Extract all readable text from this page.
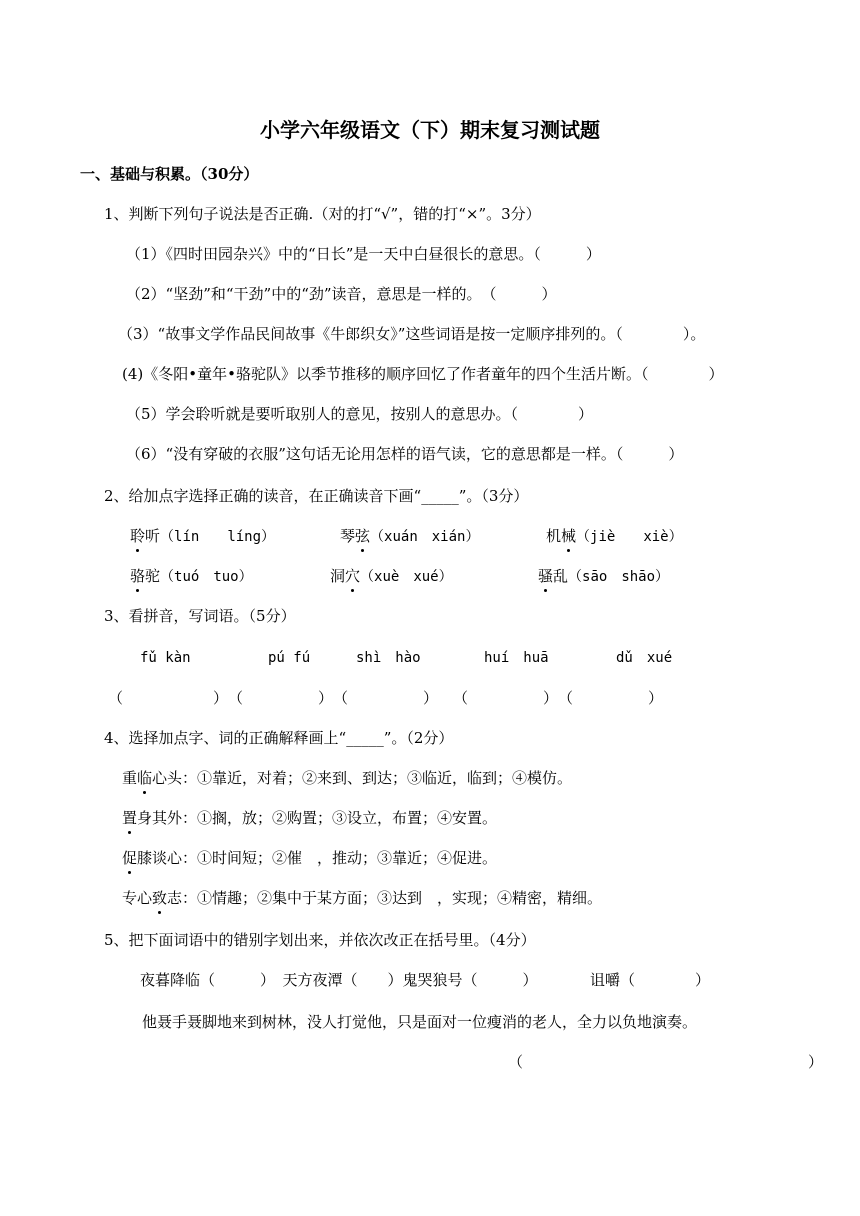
小学六年级语文（下）期末复习测试题
一、基础与积累。（30分）
1、判断下列句子说法是否正确.（对的打“√”，错的打“×”。3分）
（1）《四时田园杂兴》中的“日长”是一天中白昼很长的意思。（　　　）
（2）“坚劲”和“干劲”中的“劲”读音，意思是一样的。　（　　　）
（3）“故事文学作品民间故事《牛郎织女》”这些词语是按一定顺序排列的。（　　　　）。
(4)《冬阳•童年•骆驼队》以季节推移的顺序回忆了作者童年的四个生活片断。（　　　　）
（5）学会聆听就是要听取别人的意见，按别人的意思办。（　　　　）
（6）“没有穿破的衣服”这句话无论用怎样的语气读，它的意思都是一样。（　　　）
2、给加点字选择正确的读音，在正确读音下画“_____”。（3分）
聆听（lín　　líng）	琴弦（xuán　xián）	机械（jiè　　xiè）
骆驼（tuó　tuo）	洞穴（xuè　xué）	骚乱（sāo　shāo）
3、看拼音，写词语。（5分）
fǔ kàn	pú fú	shì　hào	huí　huā	dǔ　xué
（　　　　　　）　（　　　　　）　（　　　　　）　　（　　　　　）　（　　　　　）
4、选择加点字、词的正确解释画上“_____”。（2分）
重临心头：①靠近，对着；②来到、到达；③临近，临到；④模仿。
置身其外：①搁，放；②购置；③设立，布置；④安置。
促膝谈心：①时间短；②催　，推动；③靠近；④促进。
专心致志：①情趣；②集中于某方面；③达到　，实现；④精密，精细。
5、把下面词语中的错别字划出来，并依次改正在括号里。（4分）
夜暮降临（　　　）　天方夜潭（　　）鬼哭狼号（　　　）　　　　诅嚼（　　　　）
他聂手聂脚地来到树林，没人打觉他，只是面对一位瘦消的老人，全力以负地演奏。
（　　　　　　　　　　　　　　　　　　　）
